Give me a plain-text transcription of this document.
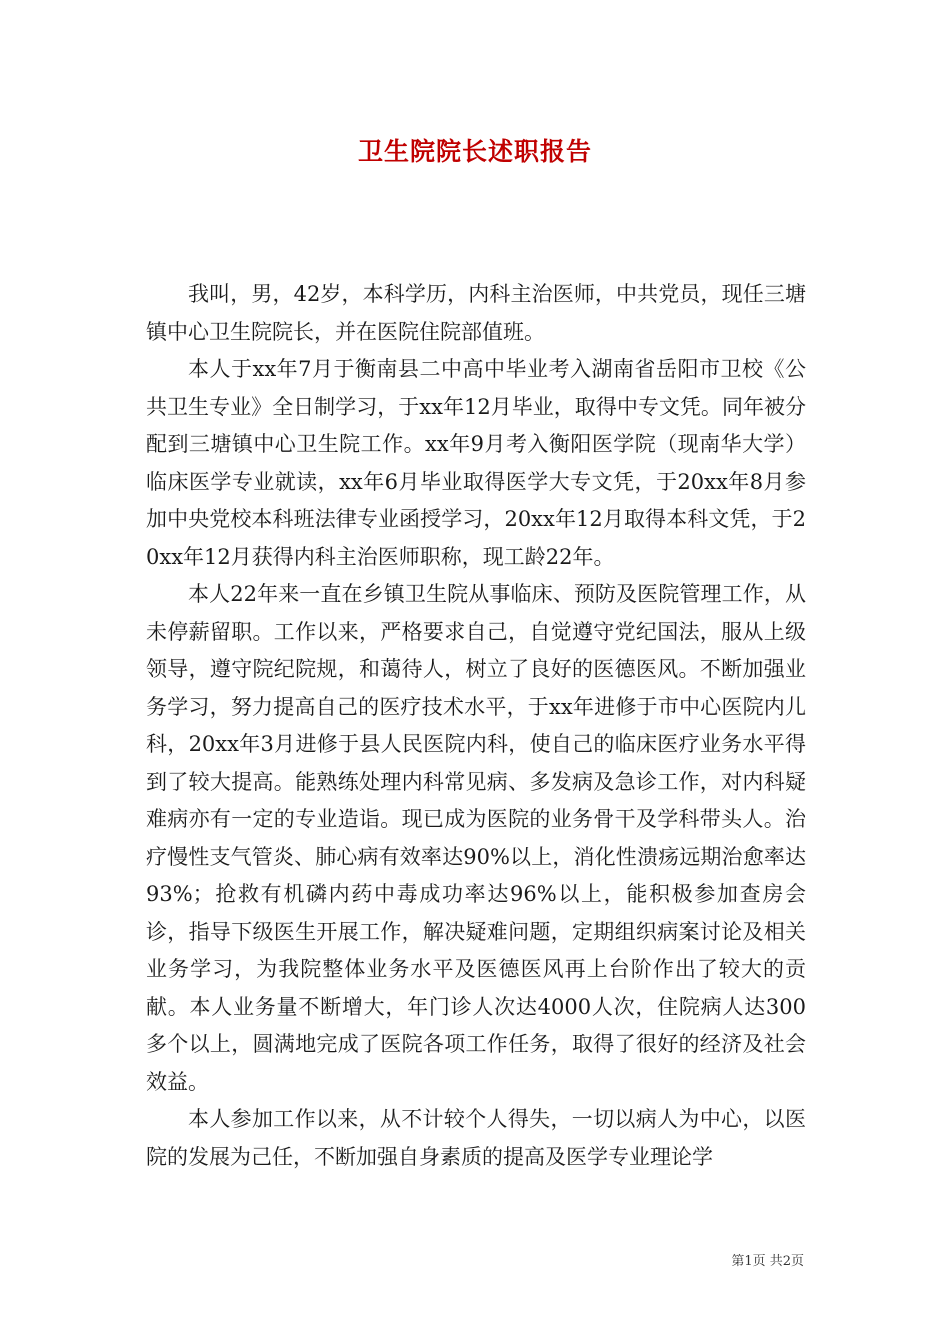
卫生院院长述职报告

我叫，男，42岁，本科学历，内科主治医师，中共党员，现任三塘镇中心卫生院院长，并在医院住院部值班。

本人于xx年7月于衡南县二中高中毕业考入湖南省岳阳市卫校《公共卫生专业》全日制学习，于xx年12月毕业，取得中专文凭。同年被分配到三塘镇中心卫生院工作。xx年9月考入衡阳医学院（现南华大学）临床医学专业就读，xx年6月毕业取得医学大专文凭，于20xx年8月参加中央党校本科班法律专业函授学习，20xx年12月取得本科文凭，于20xx年12月获得内科主治医师职称，现工龄22年。

本人22年来一直在乡镇卫生院从事临床、预防及医院管理工作，从未停薪留职。工作以来，严格要求自己，自觉遵守党纪国法，服从上级领导，遵守院纪院规，和蔼待人，树立了良好的医德医风。不断加强业务学习，努力提高自己的医疗技术水平，于xx年进修于市中心医院内儿科，20xx年3月进修于县人民医院内科，使自己的临床医疗业务水平得到了较大提高。能熟练处理内科常见病、多发病及急诊工作，对内科疑难病亦有一定的专业造诣。现已成为医院的业务骨干及学科带头人。治疗慢性支气管炎、肺心病有效率达90%以上，消化性溃疡远期治愈率达93%；抢救有机磷内药中毒成功率达96%以上，能积极参加查房会诊，指导下级医生开展工作，解决疑难问题，定期组织病案讨论及相关业务学习，为我院整体业务水平及医德医风再上台阶作出了较大的贡献。本人业务量不断增大，年门诊人次达4000人次，住院病人达300多个以上，圆满地完成了医院各项工作任务，取得了很好的经济及社会效益。

本人参加工作以来，从不计较个人得失，一切以病人为中心，以医院的发展为己任，不断加强自身素质的提高及医学专业理论学

第1页 共2页
